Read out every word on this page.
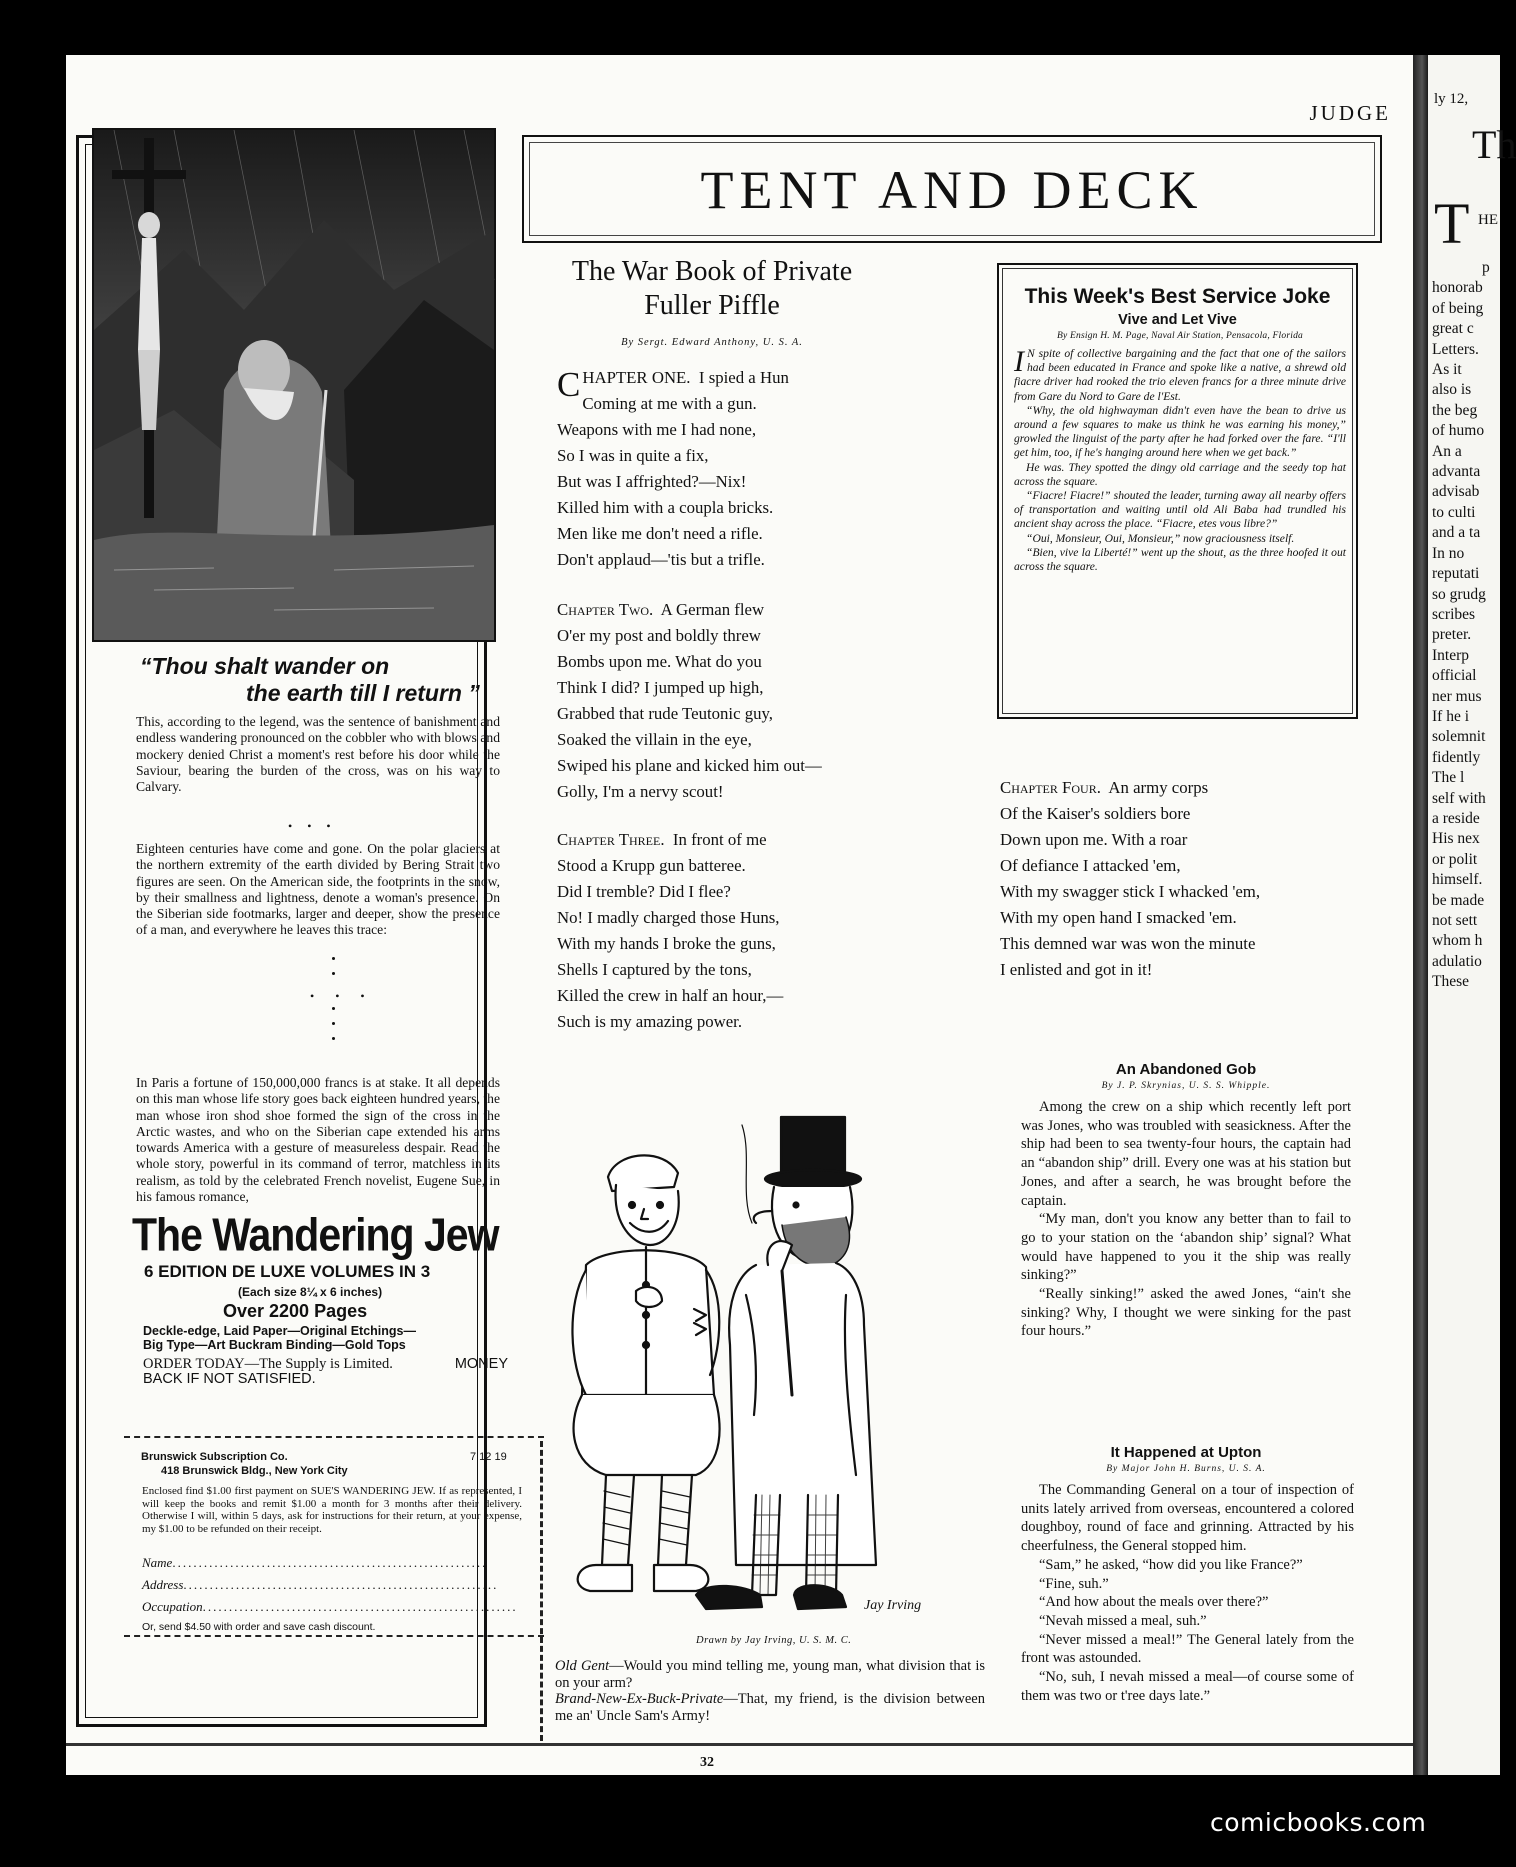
JUDGE
“Thou shalt wander on
the earth till I return ”
This, according to the legend, was the sentence of banishment and endless wandering pronounced on the cobbler who with blows and mockery denied Christ a moment's rest before his door while the Saviour, bearing the burden of the cross, was on his way to Calvary.
• • •
Eighteen centuries have come and gone. On the polar glaciers at the northern extremity of the earth divided by Bering Strait two figures are seen. On the American side, the footprints in the snow, by their smallness and lightness, denote a woman's presence. On the Siberian side footmarks, larger and deeper, show the presence of a man, and everywhere he leaves this trace:
• • •
In Paris a fortune of 150,000,000 francs is at stake. It all depends on this man whose life story goes back eighteen hundred years, the man whose iron shod shoe formed the sign of the cross in the Arctic wastes, and who on the Siberian cape extended his arms towards America with a gesture of measureless despair. Read the whole story, powerful in its command of terror, matchless in its realism, as told by the celebrated French novelist, Eugene Sue, in his famous romance,
The Wandering Jew
6 EDITION DE LUXE VOLUMES IN 3
(Each size 8¼ x 6 inches)
Over 2200 Pages
Deckle-edge, Laid Paper—Original Etchings—
Big Type—Art Buckram Binding—Gold Tops
ORDER TODAY—The Supply is Limited.	MONEY

BACK IF NOT SATISFIED.
Brunswick Subscription Co.	7 12 19
418 Brunswick Bldg., New York City
Enclosed find $1.00 first payment on SUE'S WANDERING JEW. If as represented, I will keep the books and remit $1.00 a month for 3 months after their delivery. Otherwise I will, within 5 days, ask for instructions for their return, at your expense, my $1.00 to be refunded on their receipt.
Name............................................................
Address............................................................
Occupation............................................................
Or, send $4.50 with order and save cash discount.
TENT AND DECK
The War Book of Private Fuller Piffle
By Sergt. Edward Anthony, U. S. A.
C HAPTER ONE. I spied a Hun
Coming at me with a gun.
Weapons with me I had none,
So I was in quite a fix,
But was I affrighted?—Nix!
Killed him with a coupla bricks.
Men like me don't need a rifle.
Don't applaud—'tis but a trifle.
Chapter Two. A German flew
O'er my post and boldly threw
Bombs upon me. What do you
Think I did? I jumped up high,
Grabbed that rude Teutonic guy,
Soaked the villain in the eye,
Swiped his plane and kicked him out—
Golly, I'm a nervy scout!
Chapter Three. In front of me
Stood a Krupp gun batteree.
Did I tremble? Did I flee?
No! I madly charged those Huns,
With my hands I broke the guns,
Shells I captured by the tons,
Killed the crew in half an hour,—
Such is my amazing power.
Chapter Four. An army corps
Of the Kaiser's soldiers bore
Down upon me. With a roar
Of defiance I attacked 'em,
With my swagger stick I whacked 'em,
With my open hand I smacked 'em.
This demned war was won the minute
I enlisted and got in it!
Jay Irving
Drawn by Jay Irving, U. S. M. C.
Old Gent—Would you mind telling me, young man, what division that is on your arm?
Brand-New-Ex-Buck-Private—That, my friend, is the division between me an' Uncle Sam's Army!
This Week's Best Service Joke
Vive and Let Vive
By Ensign H. M. Page, Naval Air Station, Pensacola, Florida

I N spite of collective bargaining and the fact that one of the sailors had been educated in France and spoke like a native, a shrewd old fiacre driver had rooked the trio eleven francs for a three minute drive from Gare du Nord to Gare de l'Est.

“Why, the old highwayman didn't even have the bean to drive us around a few squares to make us think he was earning his money,” growled the linguist of the party after he had forked over the fare. “I'll get him, too, if he's hanging around here when we get back.”

He was. They spotted the dingy old carriage and the seedy top hat across the square.

“Fiacre! Fiacre!” shouted the leader, turning away all nearby offers of transportation and waiting until old Ali Baba had trundled his ancient shay across the place. “Fiacre, etes vous libre?”

“Oui, Monsieur, Oui, Monsieur,” now graciousness itself.

“Bien, vive la Liberté!” went up the shout, as the three hoofed it out across the square.

An Abandoned Gob
By J. P. Skrynias, U. S. S. Whipple.

Among the crew on a ship which recently left port was Jones, who was troubled with seasickness. After the ship had been to sea twenty-four hours, the captain had an “abandon ship” drill. Every one was at his station but Jones, and after a search, he was brought before the captain.

“My man, don't you know any better than to fail to go to your station on the ‘abandon ship’ signal? What would have happened to you it the ship was really sinking?”

“Really sinking!” asked the awed Jones, “ain't she sinking? Why, I thought we were sinking for the past four hours.”

It Happened at Upton
By Major John H. Burns, U. S. A.

The Commanding General on a tour of inspection of units lately arrived from overseas, encountered a colored doughboy, round of face and grinning. Attracted by his cheerfulness, the General stopped him.

“Sam,” he asked, “how did you like France?”

“Fine, suh.”

“And how about the meals over there?”

“Nevah missed a meal, suh.”

“Never missed a meal!” The General lately from the front was astounded.

“No, suh, I nevah missed a meal—of course some of them was two or t'ree days late.”

32
ly 12,
Th
T HE
p
honorab
of being
great c
Letters.
As it
also is
the beg
of humo
An a
advanta
advisab
to culti
and a ta
In no
reputati
so grudg
scribes
preter.
Interp
official
ner mus
If he i
solemnit
fidently
The l
self with
a reside
His nex
or polit
himself.
be made
not sett
whom h
adulatio
These
comicbooks.com
